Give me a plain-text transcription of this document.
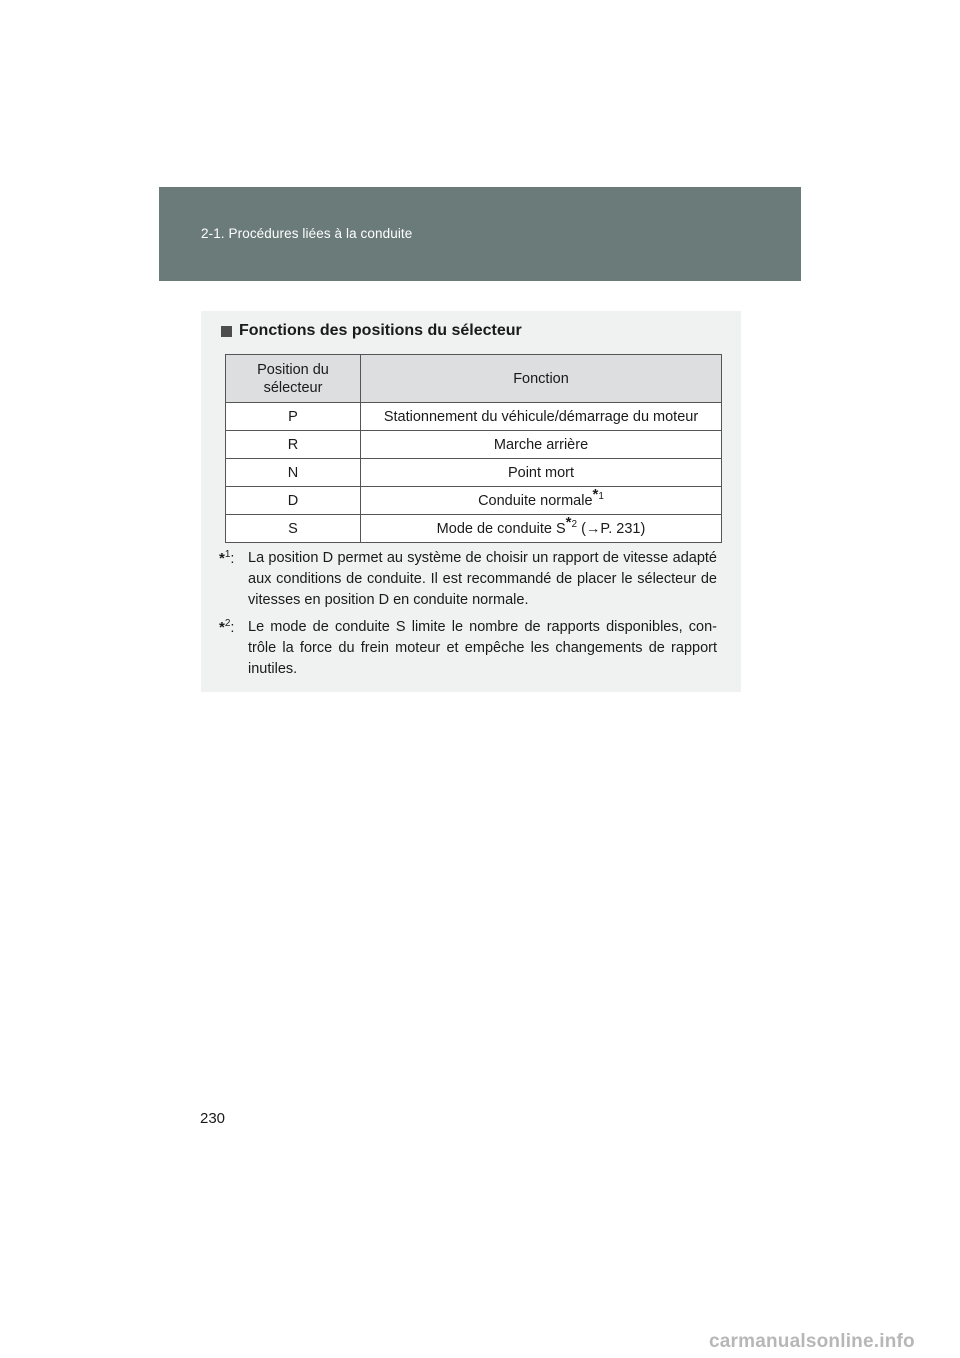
2-1. Procédures liées à la conduite
Fonctions des positions du sélecteur
Position du sélecteur	Fonction
P	Stationnement du véhicule/démarrage du moteur
R	Marche arrière
N	Point mort
D	Conduite normale$^{*1}$
S	Mode de conduite $S^{*2}$ (→P. 231)
*$^1$: La position D permet au système de choisir un rapport de vitesse adapté aux conditions de conduite. Il est recommandé de placer le sélecteur de vitesses en position D en conduite normale.
*$^2$: Le mode de conduite S limite le nombre de rapports disponibles, con- trôle la force du frein moteur et empêche les changements de rapport inutiles.
230
carmanualsonline.info
